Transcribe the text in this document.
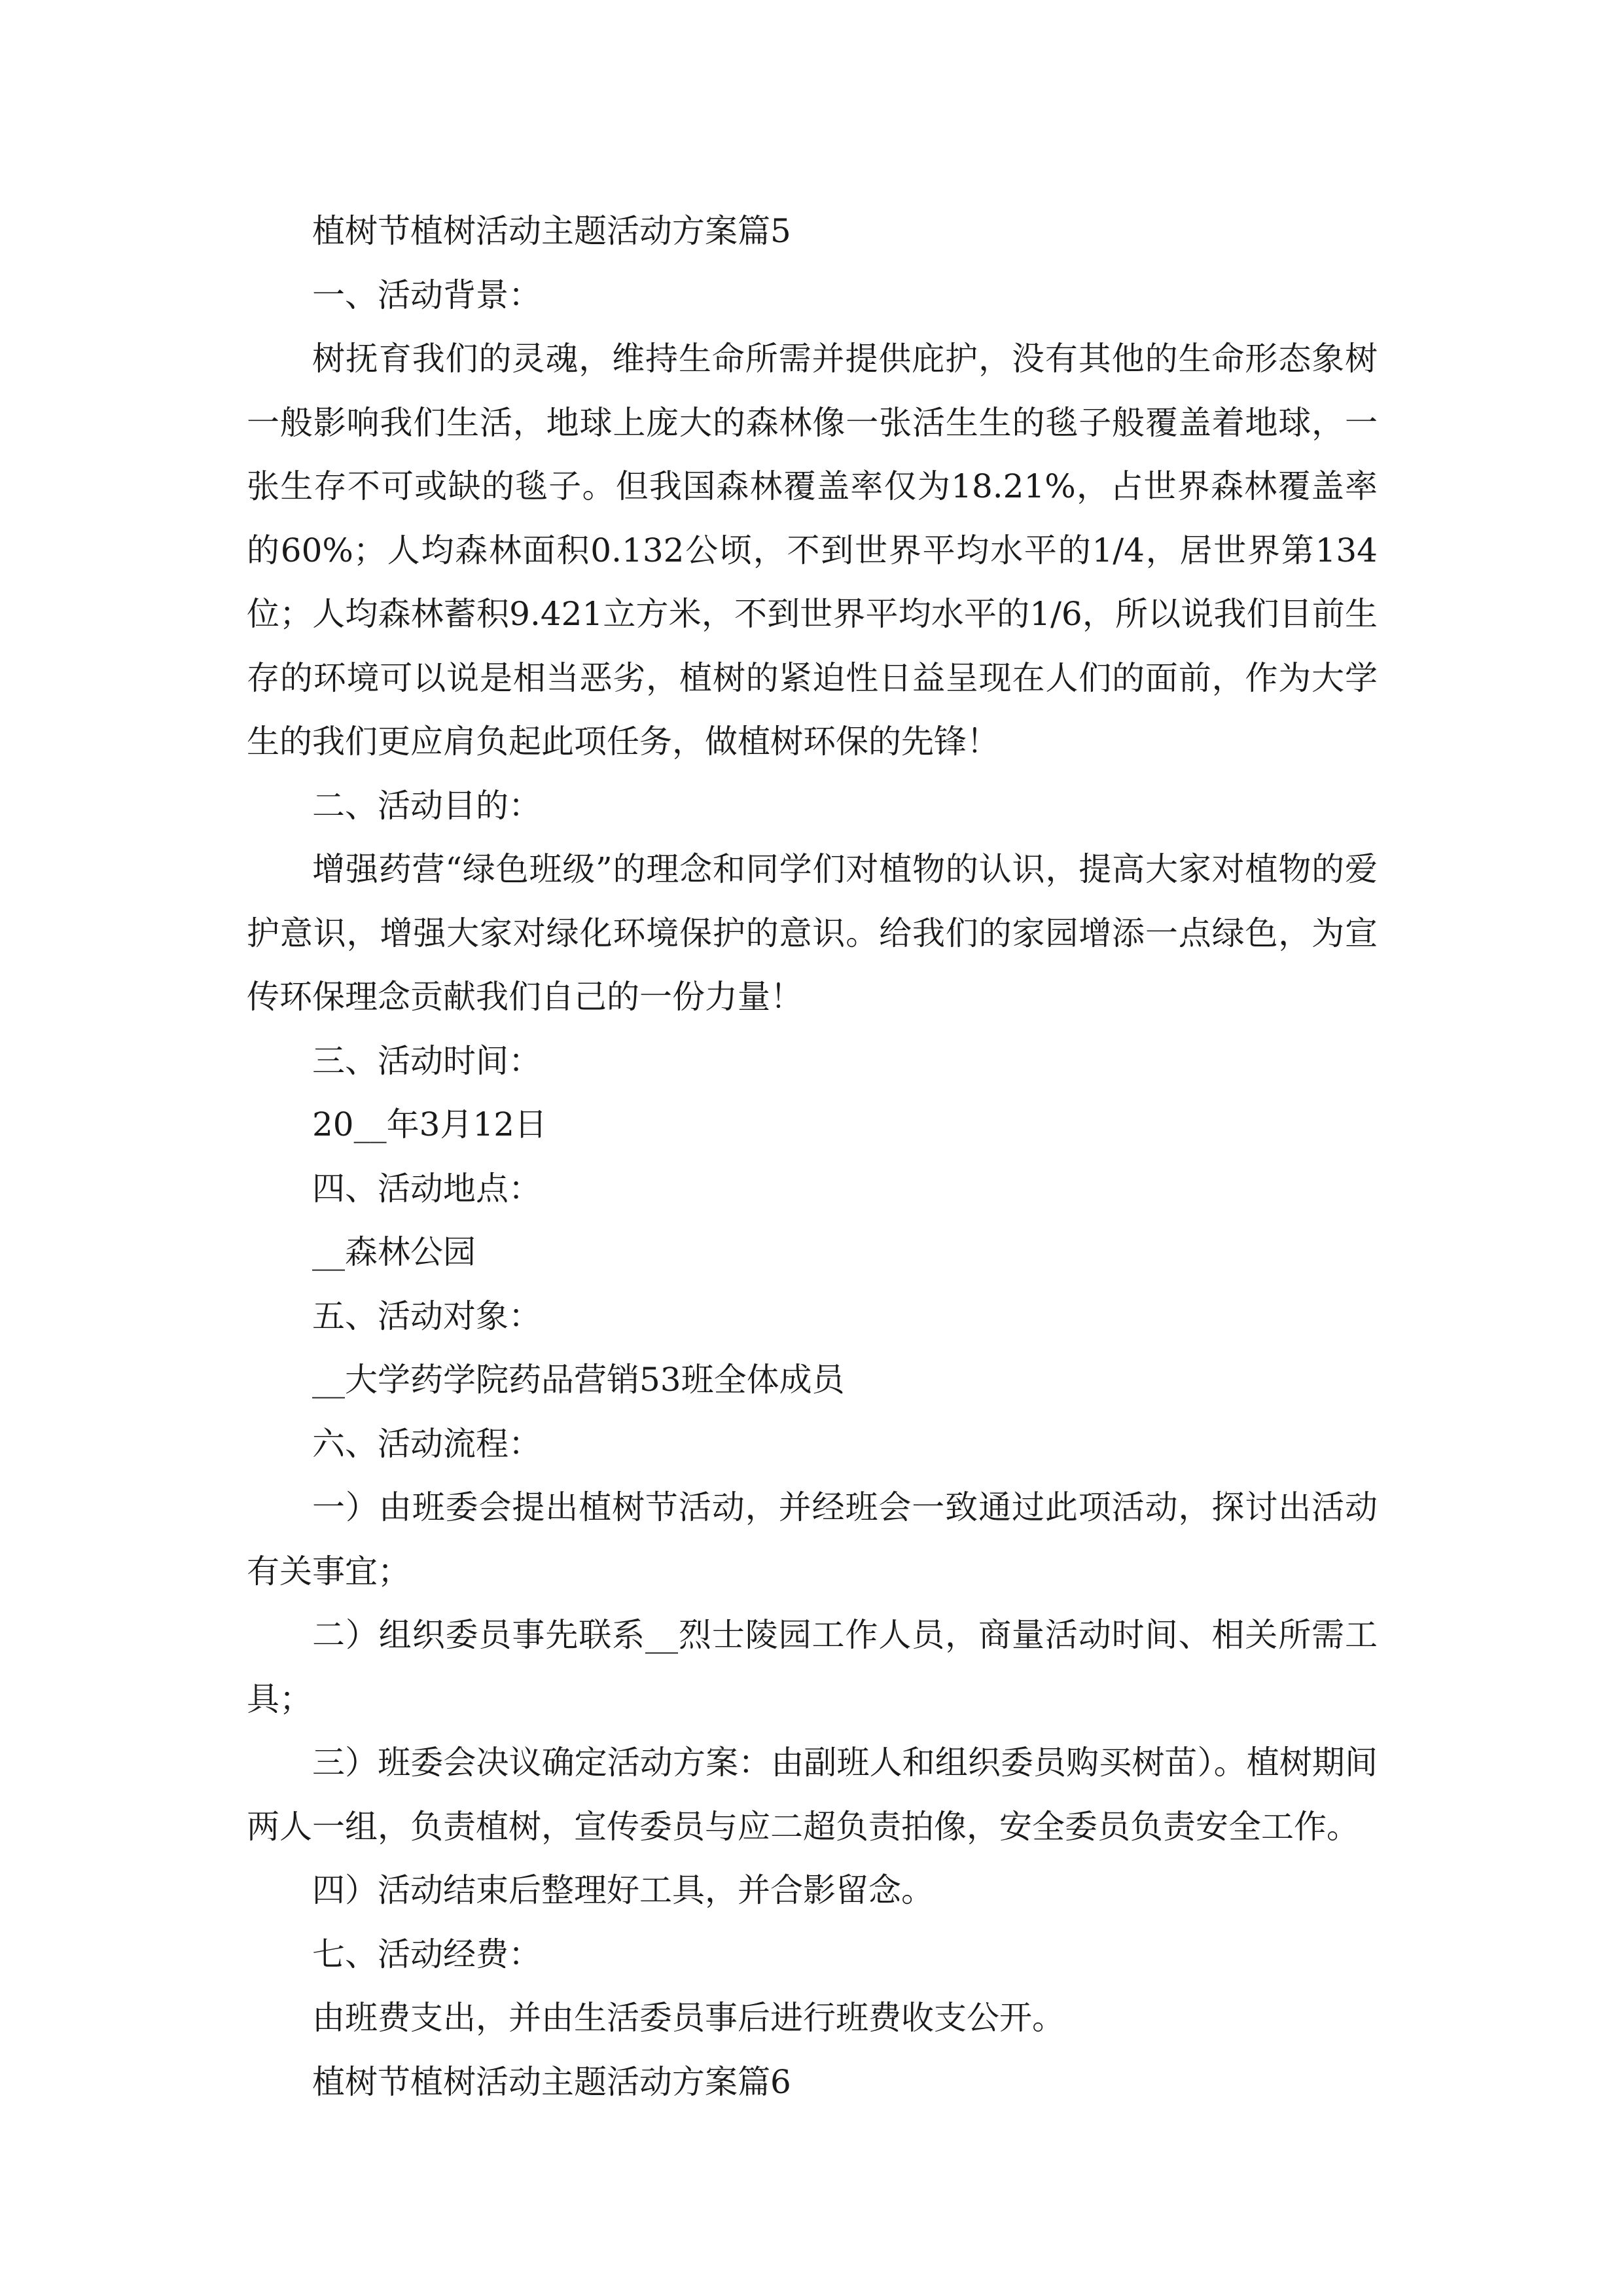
植树节植树活动主题活动方案篇5

一、活动背景：

树抚育我们的灵魂，维持生命所需并提供庇护，没有其他的生命形态象树一般影响我们生活，地球上庞大的森林像一张活生生的毯子般覆盖着地球，一张生存不可或缺的毯子。但我国森林覆盖率仅为18.21%，占世界森林覆盖率的60%；人均森林面积0.132公顷，不到世界平均水平的1/4，居世界第134位；人均森林蓄积9.421立方米，不到世界平均水平的1/6，所以说我们目前生存的环境可以说是相当恶劣，植树的紧迫性日益呈现在人们的面前，作为大学生的我们更应肩负起此项任务，做植树环保的先锋！

二、活动目的：

增强药营“绿色班级”的理念和同学们对植物的认识，提高大家对植物的爱护意识，增强大家对绿化环境保护的意识。给我们的家园增添一点绿色，为宣传环保理念贡献我们自己的一份力量！

三、活动时间：

20__年3月12日

四、活动地点：

__森林公园

五、活动对象：

__大学药学院药品营销53班全体成员

六、活动流程：

一）由班委会提出植树节活动，并经班会一致通过此项活动，探讨出活动有关事宜；

二）组织委员事先联系__烈士陵园工作人员，商量活动时间、相关所需工具；

三）班委会决议确定活动方案：由副班人和组织委员购买树苗）。植树期间两人一组，负责植树，宣传委员与应二超负责拍像，安全委员负责安全工作。

四）活动结束后整理好工具，并合影留念。

七、活动经费：

由班费支出，并由生活委员事后进行班费收支公开。

植树节植树活动主题活动方案篇6
